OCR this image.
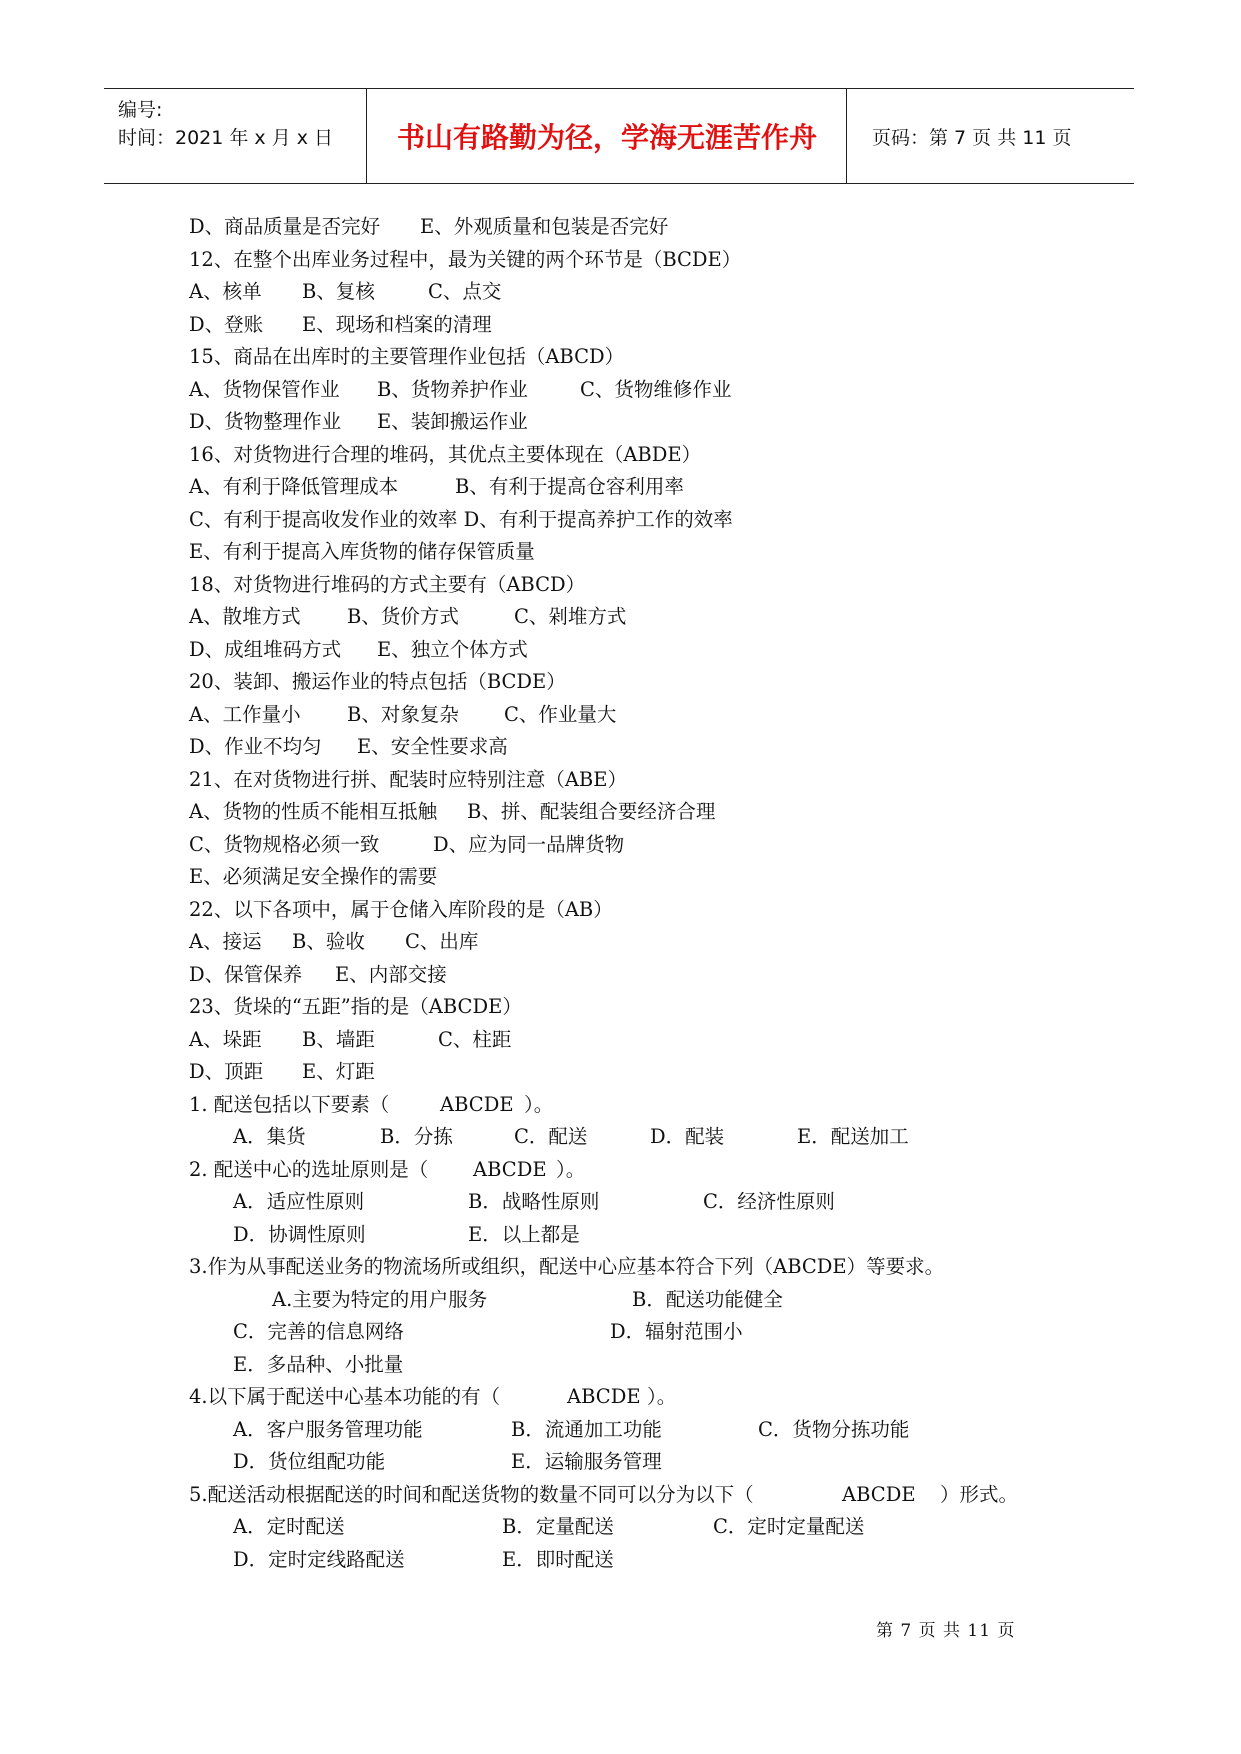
编号:
时间：2021 年 x 月 x 日	书山有路勤为径，学海无涯苦作舟	页码：第 7 页 共 11 页
D、商品质量是否完好 E、外观质量和包装是否完好
12、在整个出库业务过程中，最为关键的两个环节是（BCDE）
A、核单 B、复核	C、点交
D、登账 E、现场和档案的清理
15、商品在出库时的主要管理作业包括（ABCD）
A、货物保管作业 B、货物养护作业	C、货物维修作业
D、货物整理作业 E、装卸搬运作业
16、对货物进行合理的堆码，其优点主要体现在（ABDE）
A、有利于降低管理成本	B、有利于提高仓容利用率
C、有利于提高收发作业的效率 D、有利于提高养护工作的效率
E、有利于提高入库货物的储存保管质量
18、对货物进行堆码的方式主要有（ABCD）
A、散堆方式 B、货价方式	C、剁堆方式
D、成组堆码方式 E、独立个体方式
20、装卸、搬运作业的特点包括（BCDE）
A、工作量小 B、对象复杂 C、作业量大
D、作业不均匀 E、安全性要求高
21、在对货物进行拼、配装时应特别注意（ABE）
A、货物的性质不能相互抵触 B、拼、配装组合要经济合理
C、货物规格必须一致	D、应为同一品牌货物
E、必须满足安全操作的需要
22、以下各项中，属于仓储入库阶段的是（AB）
A、接运 B、验收 C、出库
D、保管保养 E、内部交接
23、货垛的“五距”指的是（ABCDE）
A、垛距 B、墙距	C、柱距
D、顶距 E、灯距
1. 配送包括以下要素（	ABCDE ）。
A．集货	B．分拣	C．配送	D．配装	E．配送加工
2. 配送中心的选址原则是（ ABCDE ）。
A．适应性原则	B．战略性原则	C．经济性原则
D．协调性原则	E．以上都是
3.作为从事配送业务的物流场所或组织，配送中心应基本符合下列（ABCDE）等要求。
A.主要为特定的用户服务	B．配送功能健全
C．完善的信息网络	D．辐射范围小
E．多品种、小批量
4.以下属于配送中心基本功能的有（	ABCDE ）。
A．客户服务管理功能	B．流通加工功能	C．货物分拣功能
D．货位组配功能	E．运输服务管理
5.配送活动根据配送的时间和配送货物的数量不同可以分为以下（	ABCDE ）形式。
A．定时配送	B．定量配送	C．定时定量配送
D．定时定线路配送	E．即时配送
第 7 页 共 11 页
